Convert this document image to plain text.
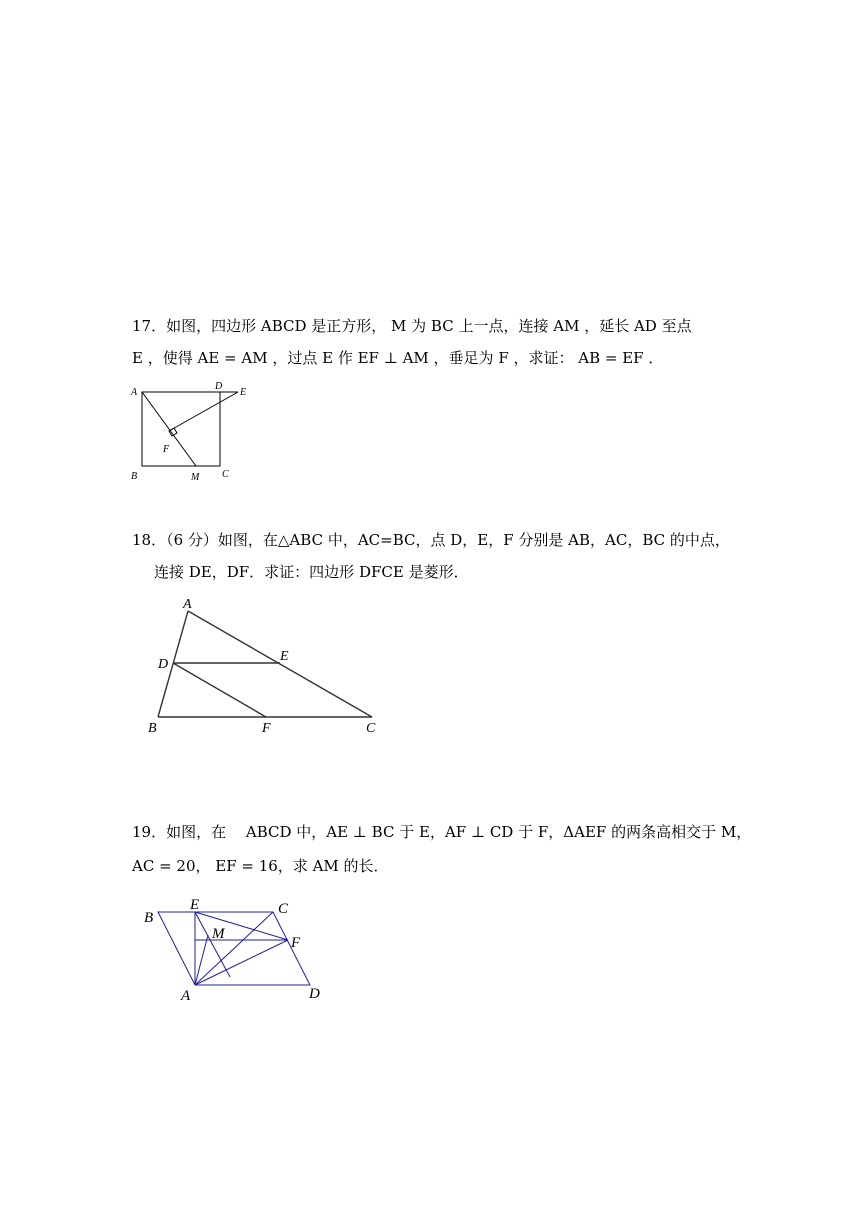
17．如图，四边形 ABCD 是正方形， M 为 BC 上一点，连接 AM ，延长 AD 至点
E ，使得 AE = AM ，过点 E 作 EF ⊥ AM ，垂足为 F ，求证： AB = EF ．
A
D
E
F
B	M C
18．（6 分）如图，在△ABC 中，AC=BC，点 D，E，F 分别是 AB，AC，BC 的中点，
连接 DE，DF．求证：四边形 DFCE 是菱形．
A
D
E
B	F	C
19．如图，在 　ABCD 中，AE ⊥ BC 于 E，AF ⊥ CD 于 F，ΔAEF 的两条高相交于 M，
AC = 20， EF = 16，求 AM 的长．
B
E	C
M
F
A	D
